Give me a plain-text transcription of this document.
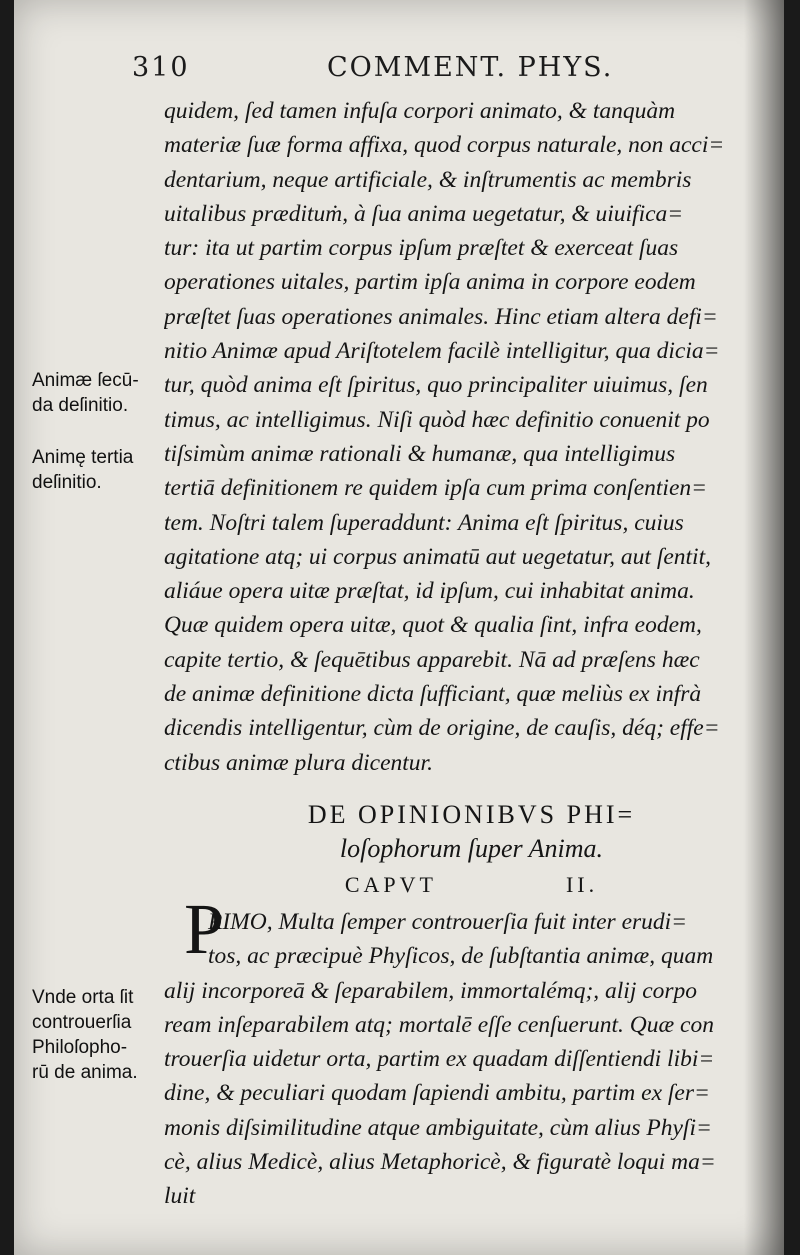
310	COMMENT. PHYS.
quidem, ſed tamen infuſa corpori animato, & tanquàm
materiæ ſuæ forma affixa, quod corpus naturale, non acci=
dentarium, neque artificiale, & inſtrumentis ac membris
uitalibus prædituṁ, à ſua anima uegetatur, & uiuifica=
tur: ita ut partim corpus ipſum præſtet & exerceat ſuas
operationes uitales, partim ipſa anima in corpore eodem
præſtet ſuas operationes animales. Hinc etiam altera defi=
nitio Animæ apud Ariſtotelem facilè intelligitur, qua dicia=
tur, quòd anima eſt ſpiritus, quo principaliter uiuimus, ſen
timus, ac intelligimus. Niſi quòd hæc definitio conuenit po
tiſsimùm animæ rationali & humanæ, qua intelligimus
tertiā definitionem re quidem ipſa cum prima conſentien=
tem. Noſtri talem ſuperaddunt: Anima eſt ſpiritus, cuius
agitatione atq; ui corpus animatū aut uegetatur, aut ſentit,
aliáue opera uitæ præſtat, id ipſum, cui inhabitat anima.
Quæ quidem opera uitæ, quot & qualia ſint, infra eodem,
capite tertio, & ſequētibus apparebit. Nā ad præſens hæc
de animæ definitione dicta ſufficiant, quæ meliùs ex infrà
dicendis intelligentur, cùm de origine, de cauſis, déq; effe=
ctibus animæ plura dicentur.
DE OPINIONIBVS PHI=
loſophorum ſuper Anima.
CAPVT	II.
P
RIMO, Multa ſemper controuerſia fuit inter erudi=
tos, ac præcipuè Phyſicos, de ſubſtantia animæ, quam
alij incorporeā & ſeparabilem, immortalémq;, alij corpo
ream inſeparabilem atq; mortalē eſſe cenſuerunt. Quæ con
trouerſia uidetur orta, partim ex quadam diſſentiendi libi=
dine, & peculiari quodam ſapiendi ambitu, partim ex ſer=
monis diſsimilitudine atque ambiguitate, cùm alius Phyſi=
cè, alius Medicè, alius Metaphoricè, & figuratè loqui ma=
luit
Animæ ſecū-
da deſinitio.
Animę tertia
deſinitio.
Vnde orta ſit
controuerſia
Philoſopho-
rū de anima.
